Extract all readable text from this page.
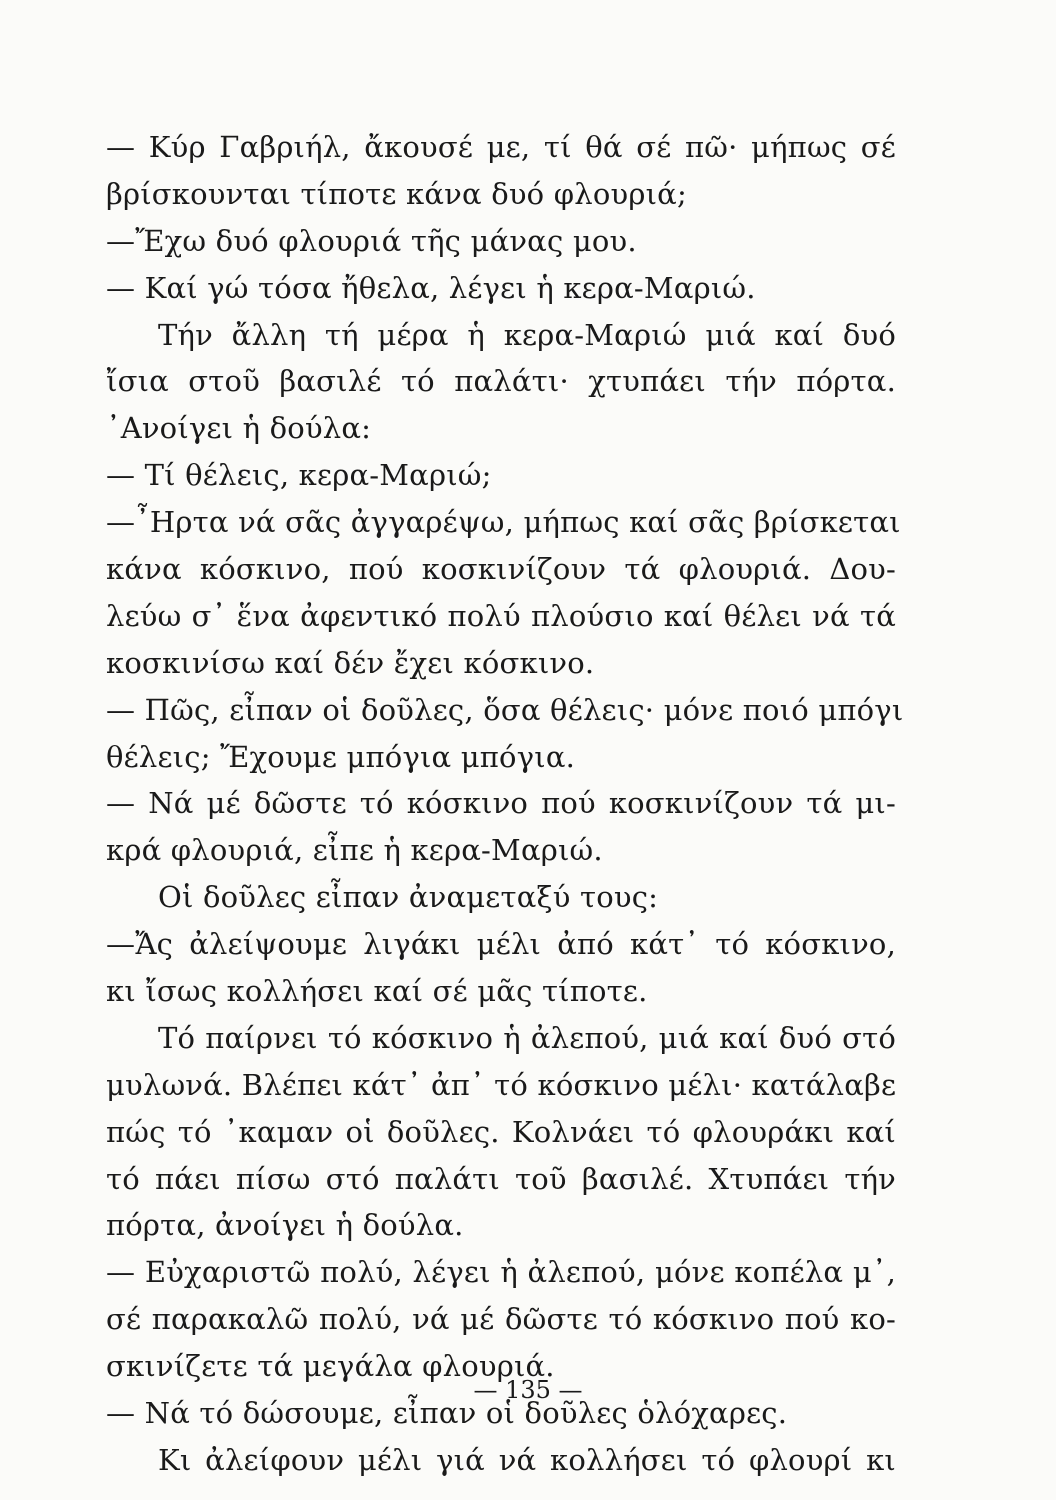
— Κύρ Γαβριήλ, ἄκουσέ με, τί θά σέ πῶ· μήπως σέ
βρίσκουνται τίποτε κάνα δυό φλουριά;
—Ἔχω δυό φλουριά τῆς μάνας μου.
— Καί γώ τόσα ἤθελα, λέγει ἡ κερα-Μαριώ.
Τήν ἄλλη τή μέρα ἡ κερα-Μαριώ μιά καί δυό
ἴσια στοῦ βασιλέ τό παλάτι· χτυπάει τήν πόρτα.
᾿Ανοίγει ἡ δούλα:
— Τί θέλεις, κερα-Μαριώ;
—῏Ηρτα νά σᾶς ἀγγαρέψω, μήπως καί σᾶς βρίσκεται
κάνα κόσκινο, πού κοσκινίζουν τά φλουριά. Δου-
λεύω σ᾿ ἕνα ἀφεντικό πολύ πλούσιο καί θέλει νά τά
κοσκινίσω καί δέν ἔχει κόσκινο.
— Πῶς, εἶπαν οἱ δοῦλες, ὅσα θέλεις· μόνε ποιό μπόγι
θέλεις; Ἔχουμε μπόγια μπόγια.
— Νά μέ δῶστε τό κόσκινο πού κοσκινίζουν τά μι-
κρά φλουριά, εἶπε ἡ κερα-Μαριώ.
Οἱ δοῦλες εἶπαν ἀναμεταξύ τους:
—Ἄς ἀλείψουμε λιγάκι μέλι ἀπό κάτ᾿ τό κόσκινο,
κι ἴσως κολλήσει καί σέ μᾶς τίποτε.
Τό παίρνει τό κόσκινο ἡ ἀλεπού, μιά καί δυό στό
μυλωνά. Βλέπει κάτ᾿ ἀπ᾿ τό κόσκινο μέλι· κατάλαβε
πώς τό ᾿καμαν οἱ δοῦλες. Κολνάει τό φλουράκι καί
τό πάει πίσω στό παλάτι τοῦ βασιλέ. Χτυπάει τήν
πόρτα, ἀνοίγει ἡ δούλα.
— Εὐχαριστῶ πολύ, λέγει ἡ ἀλεπού, μόνε κοπέλα μ᾿,
σέ παρακαλῶ πολύ, νά μέ δῶστε τό κόσκινο πού κο-
σκινίζετε τά μεγάλα φλουριά.
— Νά τό δώσουμε, εἶπαν οἱ δοῦλες ὁλόχαρες.
Κι ἀλείφουν μέλι γιά νά κολλήσει τό φλουρί κι
— 135 —
